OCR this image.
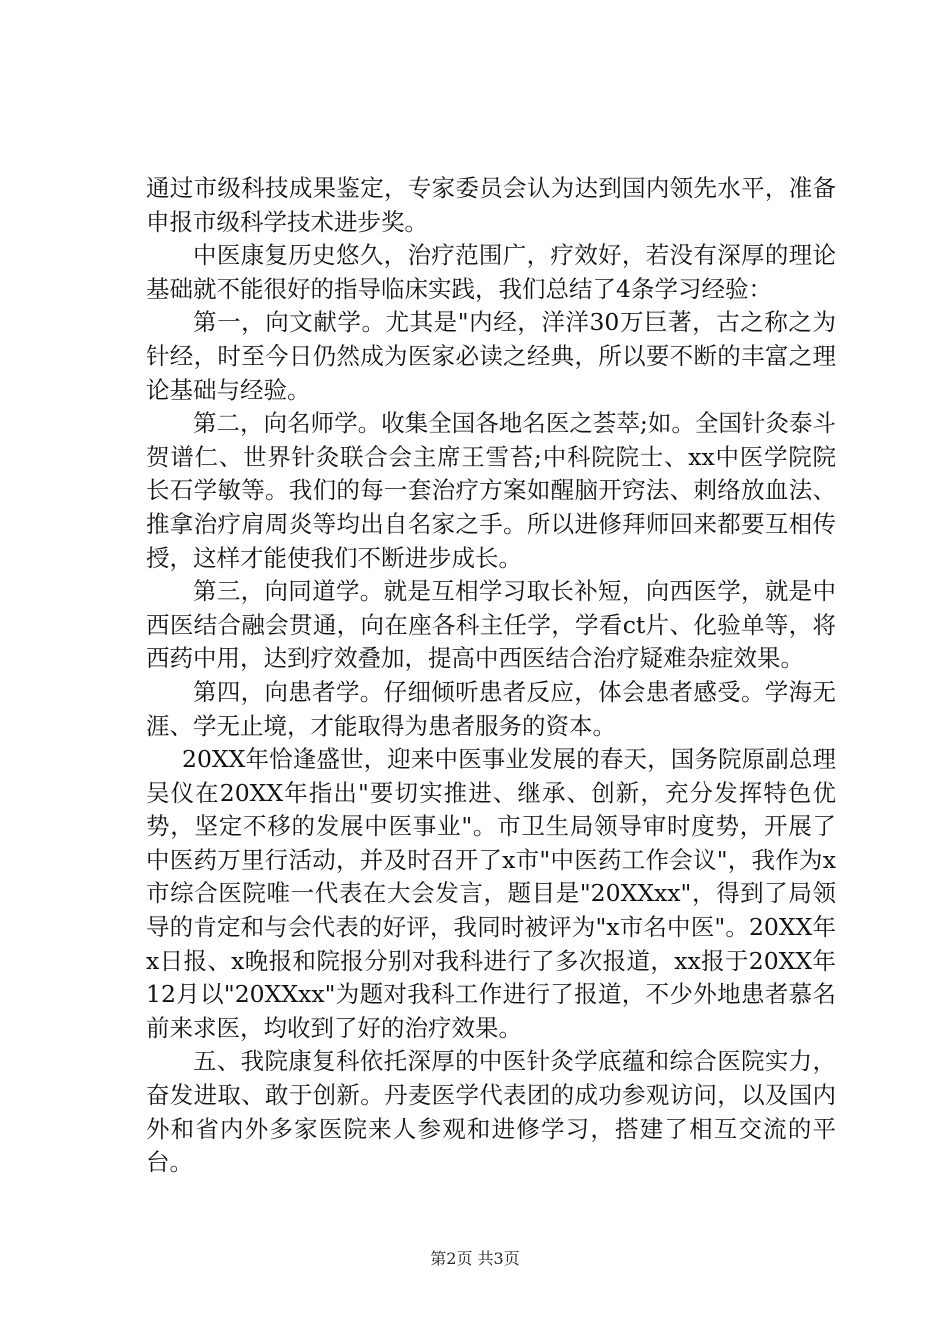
通过市级科技成果鉴定，专家委员会认为达到国内领先水平，准备申报市级科学技术进步奖。

中医康复历史悠久，治疗范围广，疗效好，若没有深厚的理论基础就不能很好的指导临床实践，我们总结了4条学习经验：

第一，向文献学。尤其是"内经，洋洋30万巨著，古之称之为针经，时至今日仍然成为医家必读之经典，所以要不断的丰富之理论基础与经验。

第二，向名师学。收集全国各地名医之荟萃;如。全国针灸泰斗贺谱仁、世界针灸联合会主席王雪苔;中科院院士、xx中医学院院长石学敏等。我们的每一套治疗方案如醒脑开窍法、刺络放血法、推拿治疗肩周炎等均出自名家之手。所以进修拜师回来都要互相传授，这样才能使我们不断进步成长。

第三，向同道学。就是互相学习取长补短，向西医学，就是中西医结合融会贯通，向在座各科主任学，学看ct片、化验单等，将西药中用，达到疗效叠加，提高中西医结合治疗疑难杂症效果。

第四，向患者学。仔细倾听患者反应，体会患者感受。学海无涯、学无止境，才能取得为患者服务的资本。

20XX年恰逢盛世，迎来中医事业发展的春天，国务院原副总理吴仪在20XX年指出"要切实推进、继承、创新，充分发挥特色优势，坚定不移的发展中医事业"。市卫生局领导审时度势，开展了中医药万里行活动，并及时召开了x市"中医药工作会议"，我作为x市综合医院唯一代表在大会发言，题目是"20XXxx"，得到了局领导的肯定和与会代表的好评，我同时被评为"x市名中医"。20XX年x日报、x晚报和院报分别对我科进行了多次报道，xx报于20XX年12月以"20XXxx"为题对我科工作进行了报道，不少外地患者慕名前来求医，均收到了好的治疗效果。

五、我院康复科依托深厚的中医针灸学底蕴和综合医院实力，奋发进取、敢于创新。丹麦医学代表团的成功参观访问，以及国内外和省内外多家医院来人参观和进修学习，搭建了相互交流的平台。

第2页 共3页
